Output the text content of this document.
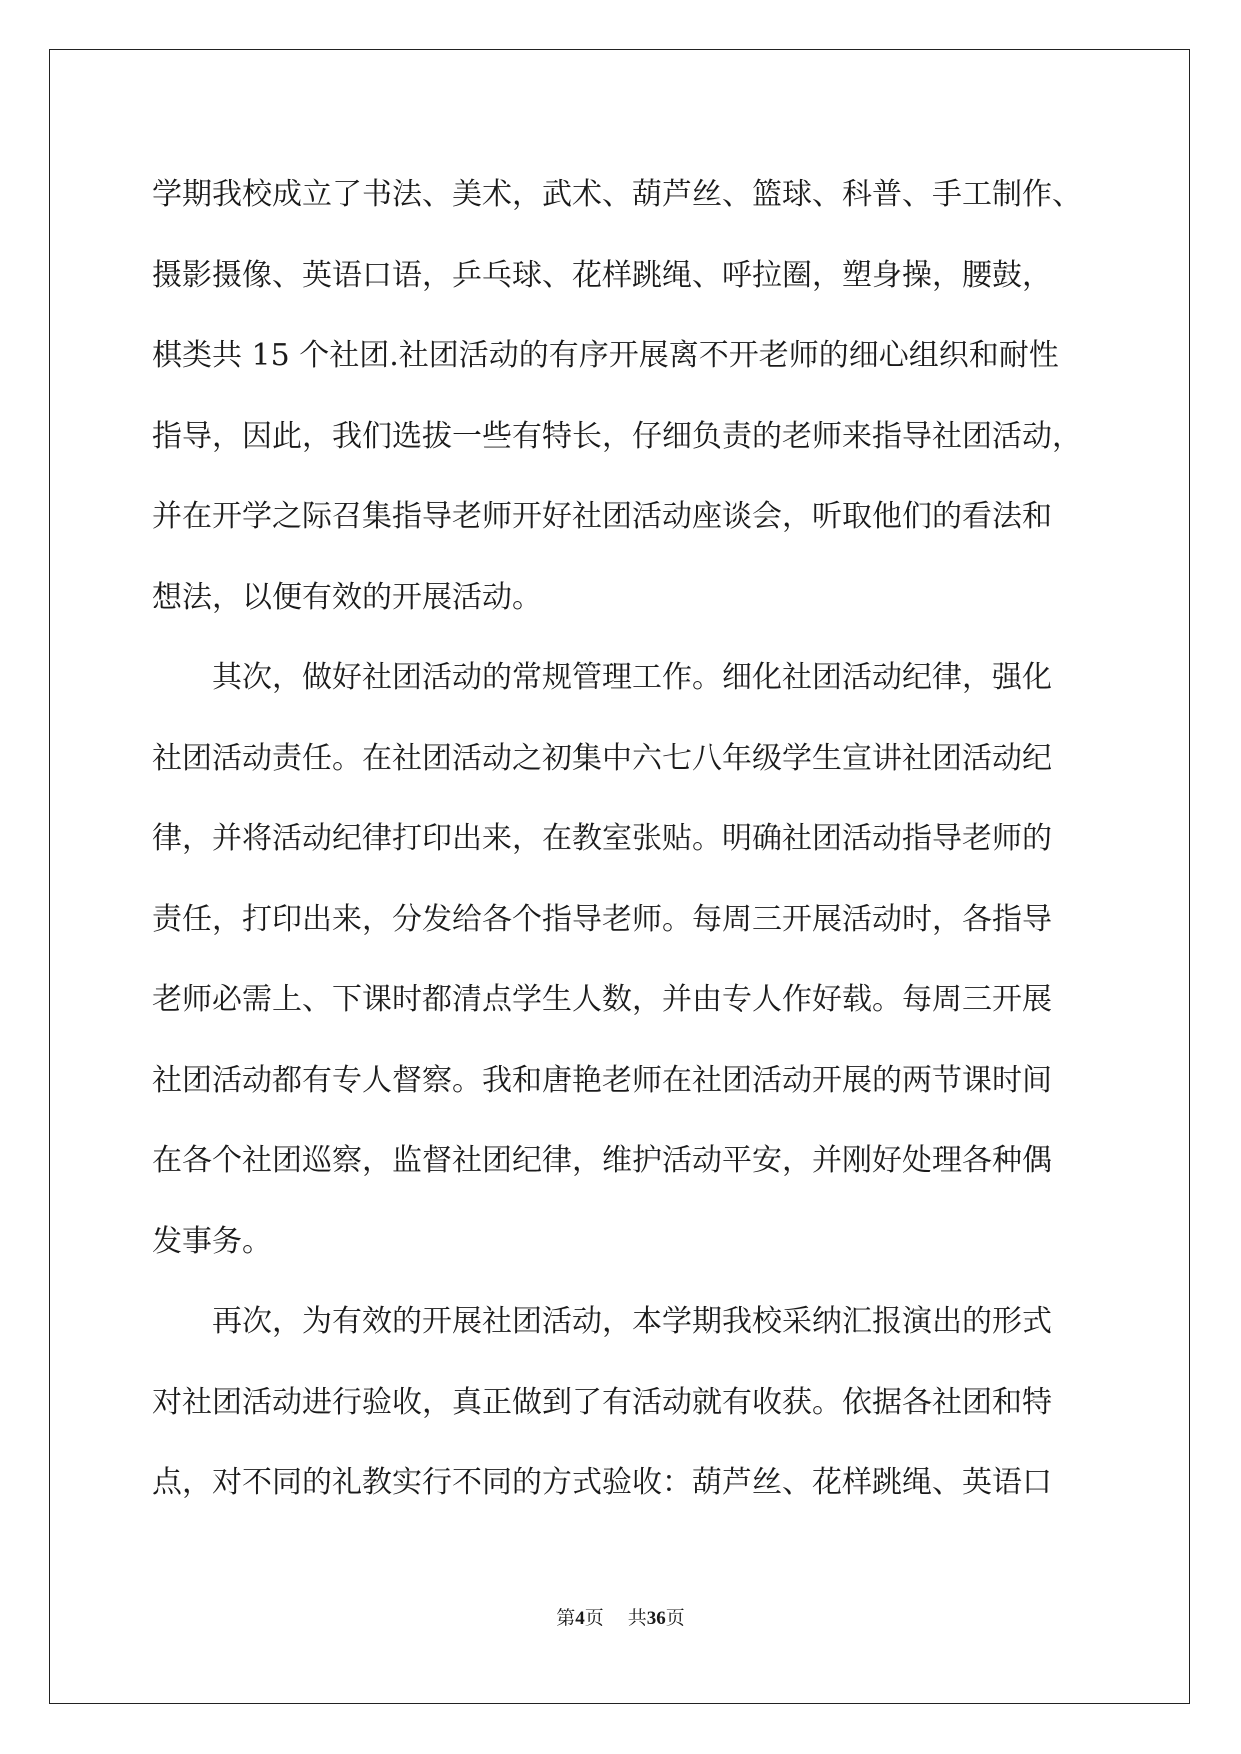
学期我校成立了书法、美术，武术、葫芦丝、篮球、科普、手工制作、
摄影摄像、英语口语，乒乓球、花样跳绳、呼拉圈，塑身操，腰鼓，
棋类共 15 个社团.社团活动的有序开展离不开老师的细心组织和耐性
指导，因此，我们选拔一些有特长，仔细负责的老师来指导社团活动，
并在开学之际召集指导老师开好社团活动座谈会，听取他们的看法和
想法，以便有效的开展活动。
　　其次，做好社团活动的常规管理工作。细化社团活动纪律，强化
社团活动责任。在社团活动之初集中六七八年级学生宣讲社团活动纪
律，并将活动纪律打印出来，在教室张贴。明确社团活动指导老师的
责任，打印出来，分发给各个指导老师。每周三开展活动时，各指导
老师必需上、下课时都清点学生人数，并由专人作好载。每周三开展
社团活动都有专人督察。我和唐艳老师在社团活动开展的两节课时间
在各个社团巡察，监督社团纪律，维护活动平安，并刚好处理各种偶
发事务。
　　再次，为有效的开展社团活动，本学期我校采纳汇报演出的形式
对社团活动进行验收，真正做到了有活动就有收获。依据各社团和特
点，对不同的礼教实行不同的方式验收：葫芦丝、花样跳绳、英语口
第4页 共36页
